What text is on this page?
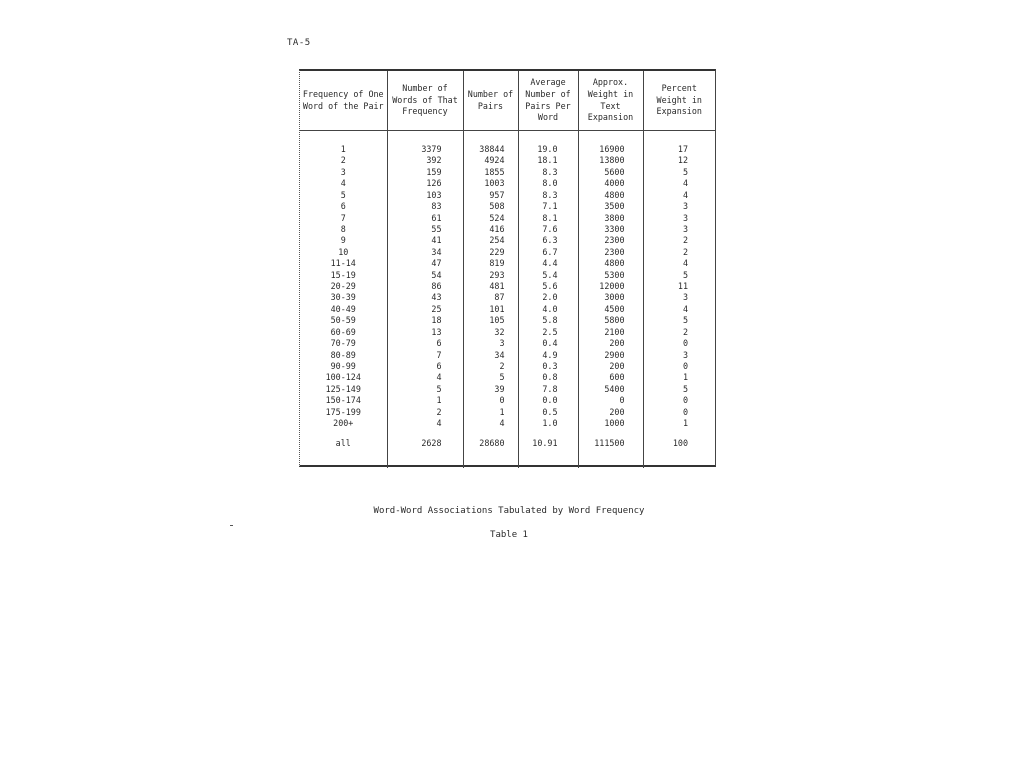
TA-5
Frequency of One Word of the Pair	Number of Words of That Frequency	Number of Pairs	Average Number of Pairs Per Word	Approx. Weight in Text Expansion	Percent Weight in Expansion

1	3379	38844	19.0	16900	17
2	392	4924	18.1	13800	12
3	159	1855	8.3	5600	5
4	126	1003	8.0	4000	4
5	103	957	8.3	4800	4
6	83	508	7.1	3500	3
7	61	524	8.1	3800	3
8	55	416	7.6	3300	3
9	41	254	6.3	2300	2
10	34	229	6.7	2300	2
11-14	47	819	4.4	4800	4
15-19	54	293	5.4	5300	5
20-29	86	481	5.6	12000	11
30-39	43	87	2.0	3000	3
40-49	25	101	4.0	4500	4
50-59	18	105	5.8	5800	5
60-69	13	32	2.5	2100	2
70-79	6	3	0.4	200	0
80-89	7	34	4.9	2900	3
90-99	6	2	0.3	200	0
100-124	4	5	0.8	600	1
125-149	5	39	7.8	5400	5
150-174	1	0	0.0	0	0
175-199	2	1	0.5	200	0
200+	4	4	1.0	1000	1
all	2628	28680	10.91	111500	100

Word-Word Associations Tabulated by Word Frequency
Table 1
